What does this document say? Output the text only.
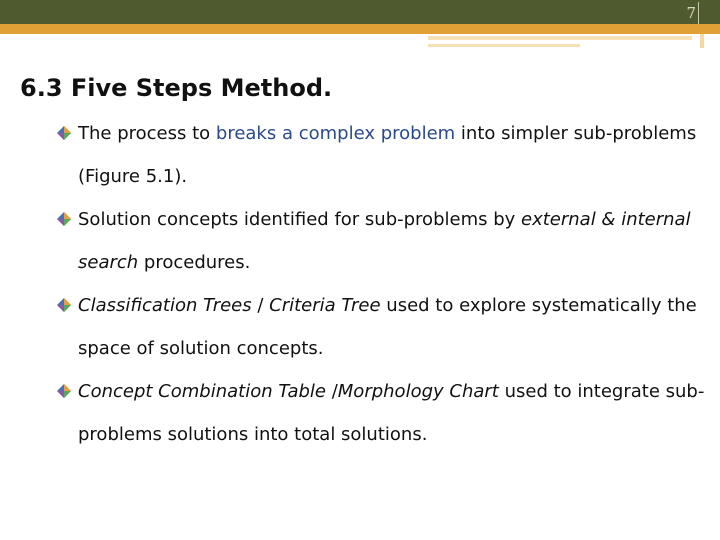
7
6.3 Five Steps Method.
The process to breaks a complex problem into simpler sub-problems (Figure 5.1).
Solution concepts identified for sub-problems by external & internal search procedures.
Classification Trees / Criteria Tree used to explore systematically the space of solution concepts.
Concept Combination Table /Morphology Chart used to integrate sub-problems solutions into total solutions.
